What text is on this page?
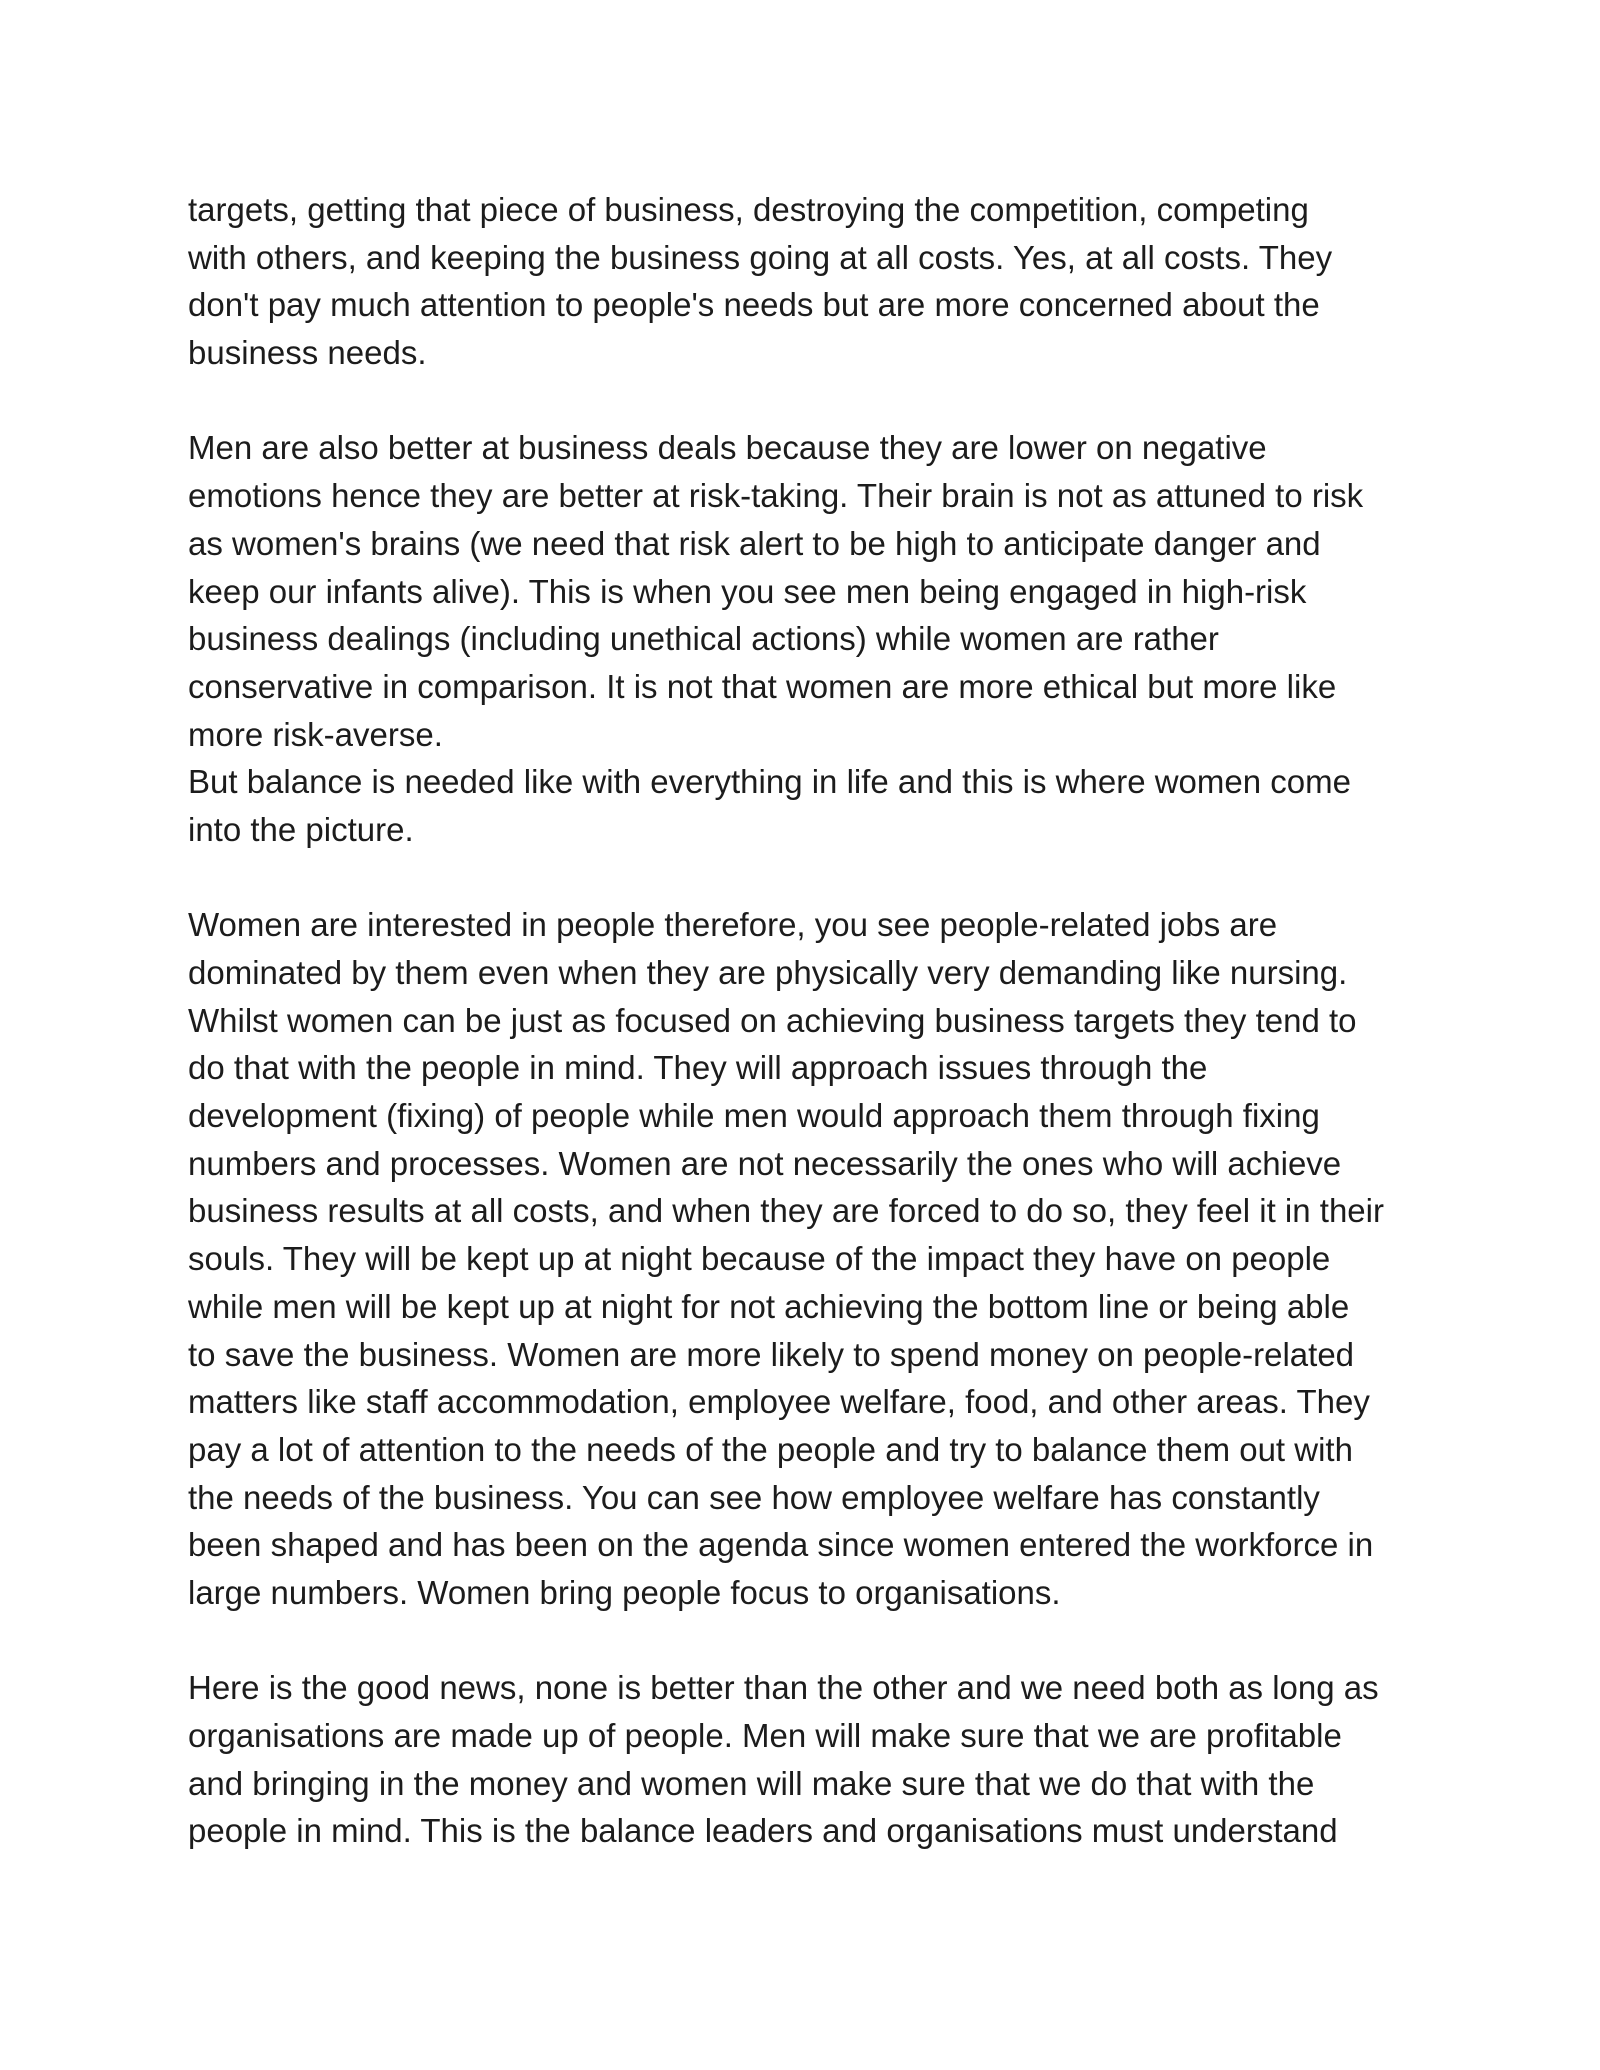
targets, getting that piece of business, destroying the competition, competing
with others, and keeping the business going at all costs. Yes, at all costs. They
don't pay much attention to people's needs but are more concerned about the
business needs.
Men are also better at business deals because they are lower on negative
emotions hence they are better at risk-taking. Their brain is not as attuned to risk
as women's brains (we need that risk alert to be high to anticipate danger and
keep our infants alive). This is when you see men being engaged in high-risk
business dealings (including unethical actions) while women are rather
conservative in comparison. It is not that women are more ethical but more like
more risk-averse.
But balance is needed like with everything in life and this is where women come
into the picture.
Women are interested in people therefore, you see people-related jobs are
dominated by them even when they are physically very demanding like nursing.
Whilst women can be just as focused on achieving business targets they tend to
do that with the people in mind. They will approach issues through the
development (fixing) of people while men would approach them through fixing
numbers and processes. Women are not necessarily the ones who will achieve
business results at all costs, and when they are forced to do so, they feel it in their
souls. They will be kept up at night because of the impact they have on people
while men will be kept up at night for not achieving the bottom line or being able
to save the business. Women are more likely to spend money on people-related
matters like staff accommodation, employee welfare, food, and other areas. They
pay a lot of attention to the needs of the people and try to balance them out with
the needs of the business. You can see how employee welfare has constantly
been shaped and has been on the agenda since women entered the workforce in
large numbers. Women bring people focus to organisations.
Here is the good news, none is better than the other and we need both as long as
organisations are made up of people. Men will make sure that we are profitable
and bringing in the money and women will make sure that we do that with the
people in mind. This is the balance leaders and organisations must understand
